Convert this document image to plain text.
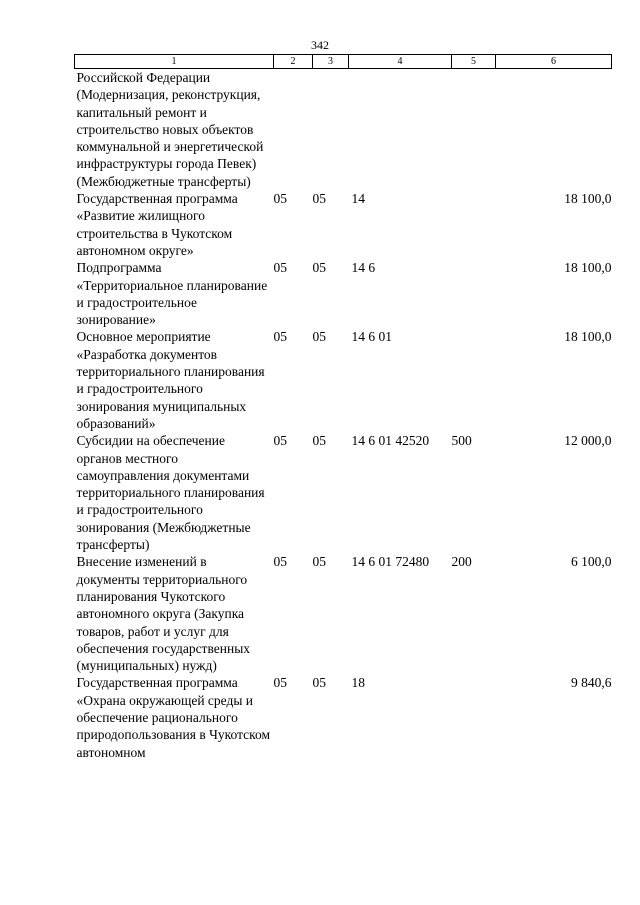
342
1	2	3	4	5	6
Российской Федерации (Модернизация, реконструкция, капитальный ремонт и строительство новых объектов коммунальной и энергетической инфраструктуры города Певек) (Межбюджетные трансферты)					
Государственная программа «Развитие жилищного строительства в Чукотском автономном округе»	05	05	14		18 100,0
Подпрограмма «Территориальное планирование и градостроительное зонирование»	05	05	14 6		18 100,0
Основное мероприятие «Разработка документов территориального планирования и градостроительного зонирования муниципальных образований»	05	05	14 6 01		18 100,0
Субсидии на обеспечение органов местного самоуправления документами территориального планирования и градостроительного зонирования (Межбюджетные трансферты)	05	05	14 6 01 42520	500	12 000,0
Внесение изменений в документы территориального планирования Чукотского автономного округа (Закупка товаров, работ и услуг для обеспечения государственных (муниципальных) нужд)	05	05	14 6 01 72480	200	6 100,0
Государственная программа «Охрана окружающей среды и обеспечение рационального природопользования в Чукотском автономном	05	05	18		9 840,6
